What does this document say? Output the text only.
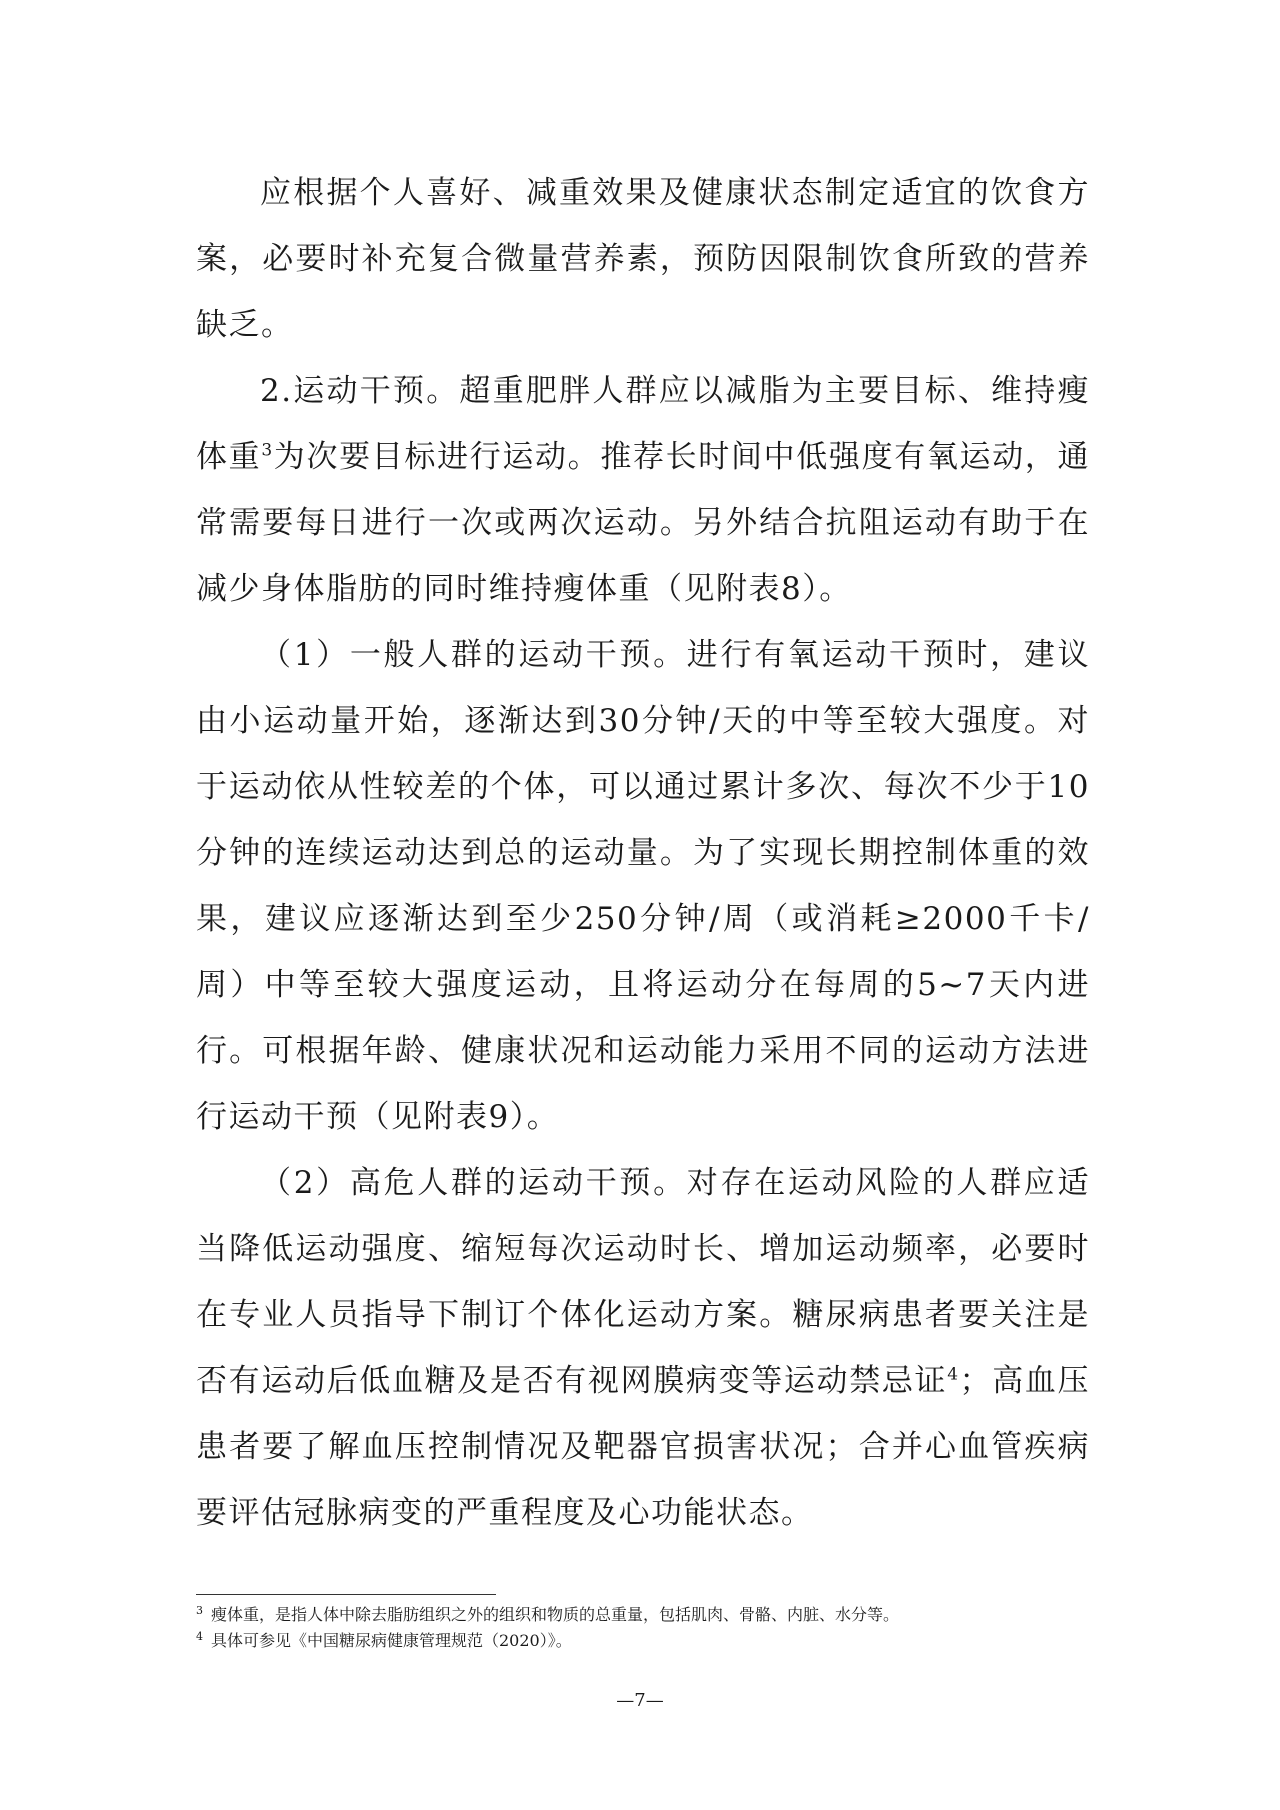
应根据个人喜好、减重效果及健康状态制定适宜的饮食方案，必要时补充复合微量营养素，预防因限制饮食所致的营养缺乏。

2.运动干预。超重肥胖人群应以减脂为主要目标、维持瘦体重$^3$为次要目标进行运动。推荐长时间中低强度有氧运动，通常需要每日进行一次或两次运动。另外结合抗阻运动有助于在减少身体脂肪的同时维持瘦体重（见附表8）。

（1）一般人群的运动干预。进行有氧运动干预时，建议由小运动量开始，逐渐达到30分钟/天的中等至较大强度。对于运动依从性较差的个体，可以通过累计多次、每次不少于10分钟的连续运动达到总的运动量。为了实现长期控制体重的效果，建议应逐渐达到至少250分钟/周（或消耗≥2000千卡/周）中等至较大强度运动，且将运动分在每周的5~7天内进行。可根据年龄、健康状况和运动能力采用不同的运动方法进行运动干预（见附表9）。

（2）高危人群的运动干预。对存在运动风险的人群应适当降低运动强度、缩短每次运动时长、增加运动频率，必要时在专业人员指导下制订个体化运动方案。糖尿病患者要关注是否有运动后低血糖及是否有视网膜病变等运动禁忌证$^4$；高血压患者要了解血压控制情况及靶器官损害状况；合并心血管疾病要评估冠脉病变的严重程度及心功能状态。

$^3$ 瘦体重，是指人体中除去脂肪组织之外的组织和物质的总重量，包括肌肉、骨骼、内脏、水分等。

$^4$ 具体可参见《中国糖尿病健康管理规范（2020）》。

—7—
